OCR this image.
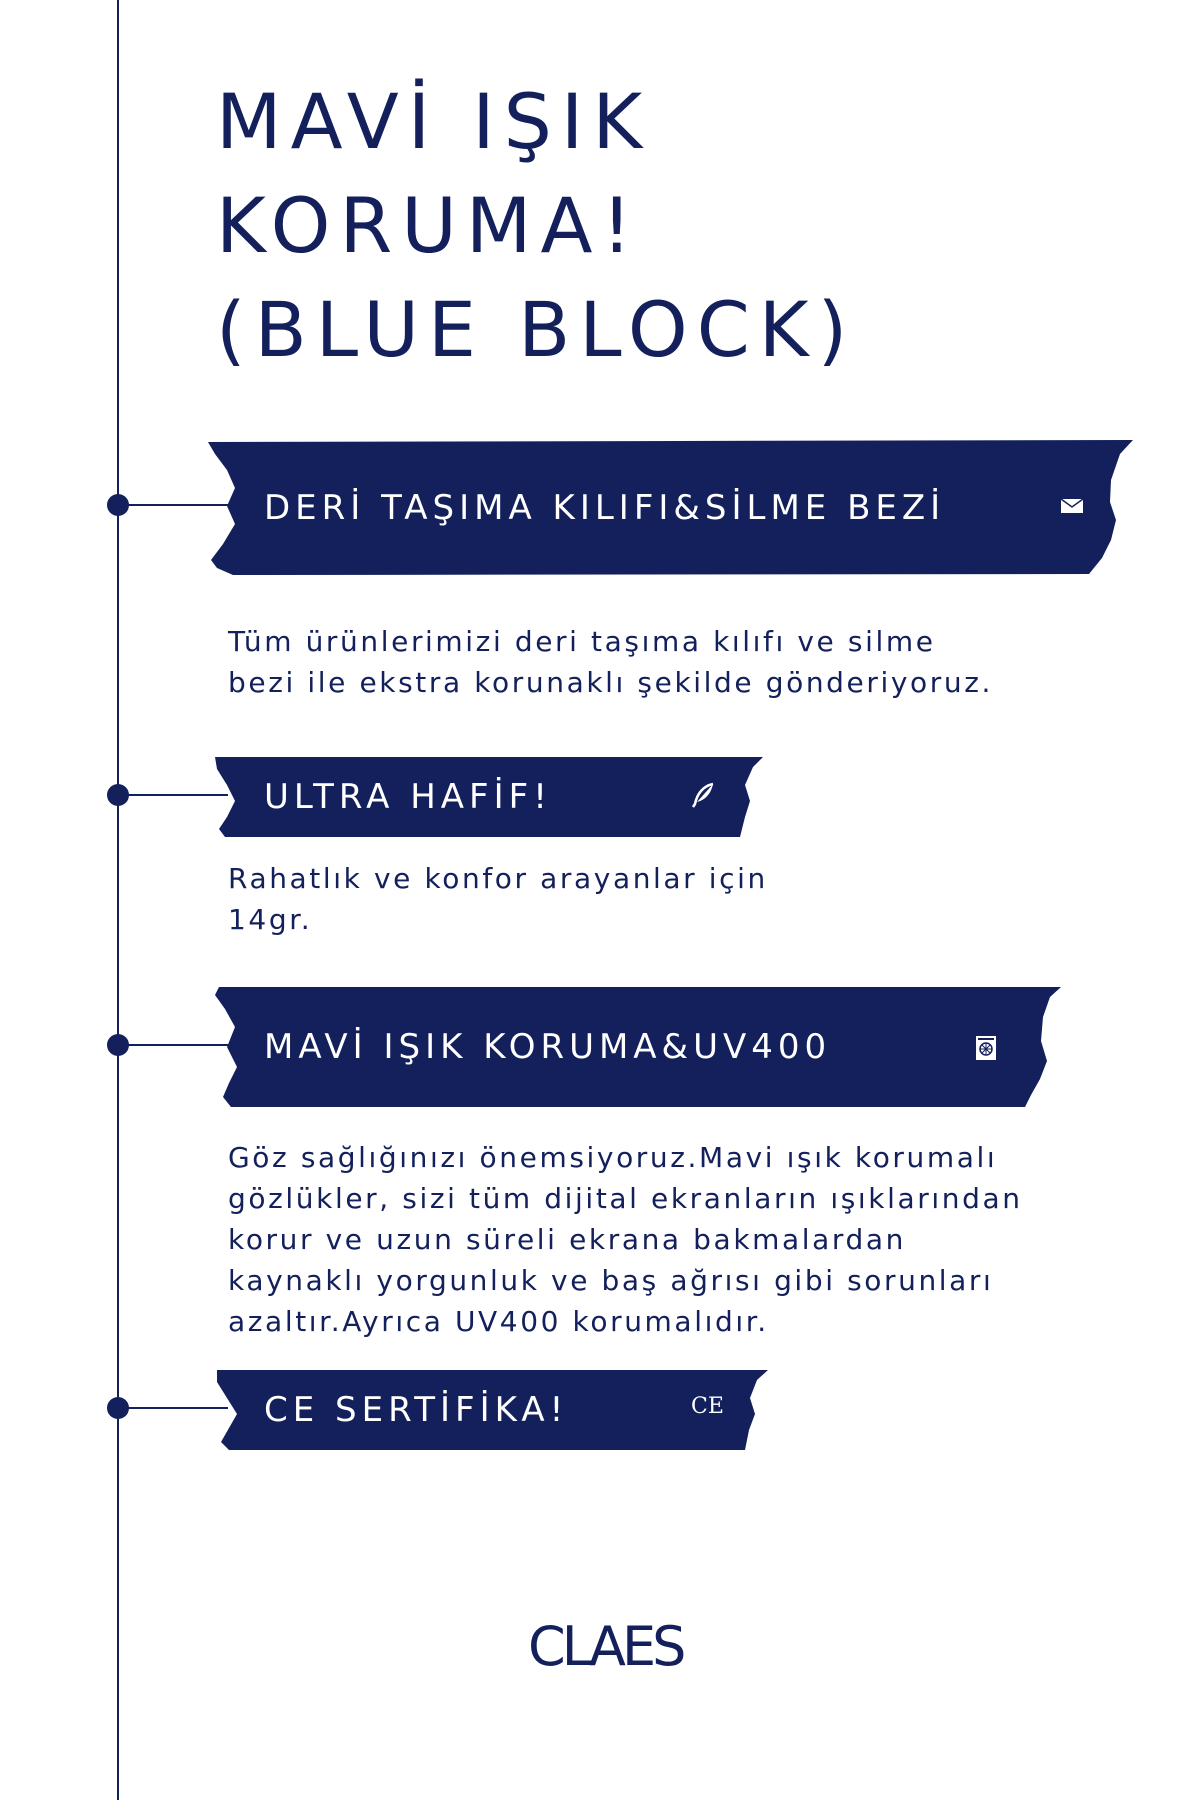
MAVİ IŞIK
KORUMA!
(BLUE BLOCK)
DERİ TAŞIMA KILIFI&SİLME BEZİ

Tüm ürünlerimizi deri taşıma kılıfı ve silme
bezi ile ekstra korunaklı şekilde gönderiyoruz.

ULTRA HAFİF!

Rahatlık ve konfor arayanlar için
14gr.

MAVİ IŞIK KORUMA&UV400

Göz sağlığınızı önemsiyoruz.Mavi ışık korumalı
gözlükler, sizi tüm dijital ekranların ışıklarından
korur ve uzun süreli ekrana bakmalardan
kaynaklı yorgunluk ve baş ağrısı gibi sorunları
azaltır.Ayrıca UV400 korumalıdır.

CE SERTİFİKA!	CE
CLAES
